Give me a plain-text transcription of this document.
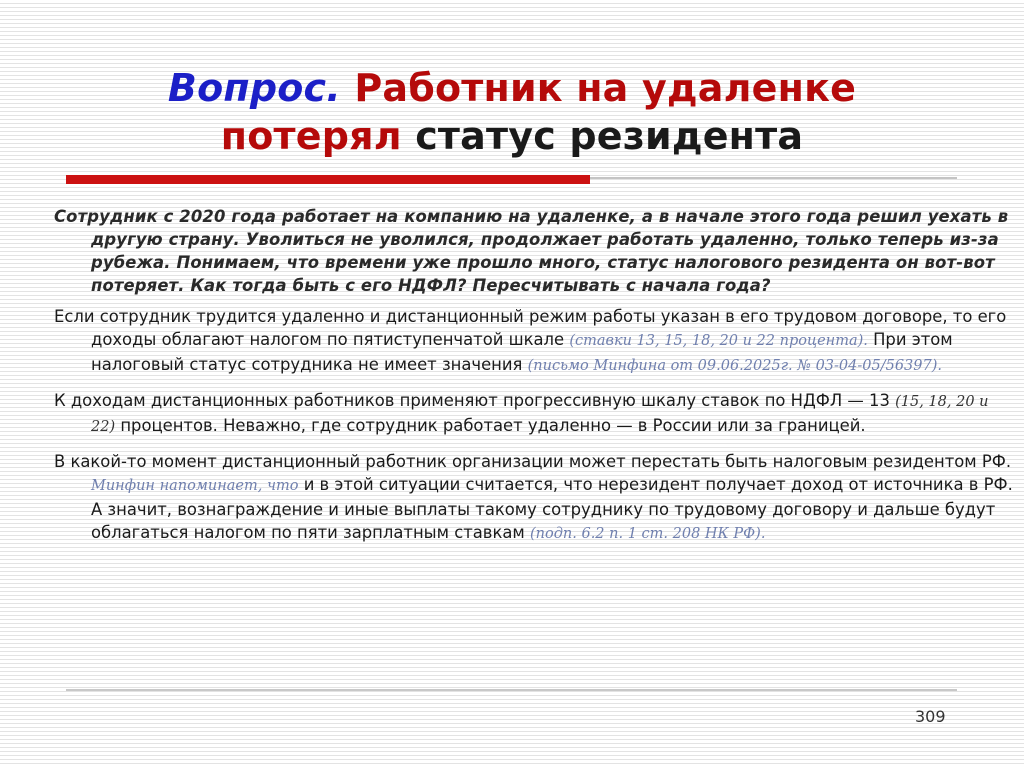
Вопрос. Работник на удаленке
потерял статус резидента

Сотрудник с 2020 года работает на компанию на удаленке, а в начале этого года решил уехать в другую страну. Уволиться не уволился, продолжает работать удаленно, только теперь из-за рубежа. Понимаем, что времени уже прошло много, статус налогового резидента он вот-вот потеряет. Как тогда быть с его НДФЛ? Пересчитывать с начала года?

Если сотрудник трудится удаленно и дистанционный режим работы указан в его трудовом договоре, то его доходы облагают налогом по пятиступенчатой шкале (ставки 13, 15, 18, 20 и 22 процента). При этом налоговый статус сотрудника не имеет значения (письмо Минфина от 09.06.2025г. № 03-04-05/56397).

К доходам дистанционных работников применяют прогрессивную шкалу ставок по НДФЛ — 13 (15, 18, 20 и 22) процентов. Неважно, где сотрудник работает удаленно — в России или за границей.

В какой-то момент дистанционный работник организации может перестать быть налоговым резидентом РФ. Минфин напоминает, что и в этой ситуации считается, что нерезидент получает доход от источника в РФ. А значит, вознаграждение и иные выплаты такому сотруднику по трудовому договору и дальше будут облагаться налогом по пяти зарплатным ставкам (подп. 6.2 п. 1 ст. 208 НК РФ).

309
